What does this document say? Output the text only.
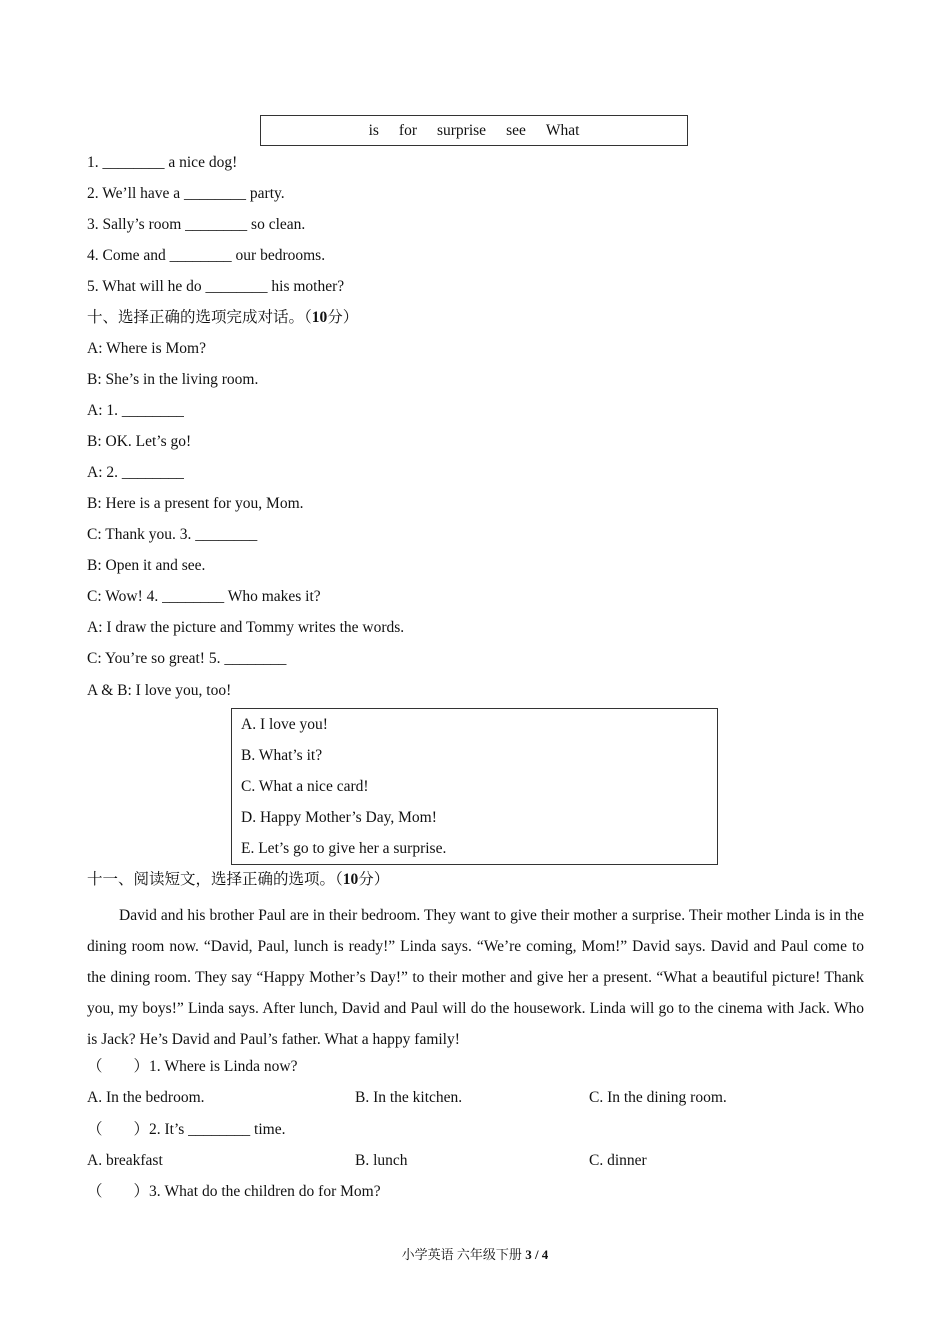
is for surprise see What
1. ________ a nice dog!
2. We’ll have a ________ party.
3. Sally’s room ________ so clean.
4. Come and ________ our bedrooms.
5. What will he do ________ his mother?
十、选择正确的选项完成对话。（10分）
A: Where is Mom?
B: She’s in the living room.
A: 1. ________
B: OK. Let’s go!
A: 2. ________
B: Here is a present for you, Mom.
C: Thank you. 3. ________
B: Open it and see.
C: Wow! 4. ________ Who makes it?
A: I draw the picture and Tommy writes the words.
C: You’re so great! 5. ________
A & B: I love you, too!
A. I love you!
B. What’s it?
C. What a nice card!
D. Happy Mother’s Day, Mom!
E. Let’s go to give her a surprise.
十一、阅读短文，选择正确的选项。（10分）
David and his brother Paul are in their bedroom. They want to give their mother a surprise. Their mother Linda is in the dining room now. “David, Paul, lunch is ready!” Linda says. “We’re coming, Mom!” David says. David and Paul come to the dining room. They say “Happy Mother’s Day!” to their mother and give her a present. “What a beautiful picture! Thank you, my boys!” Linda says. After lunch, David and Paul will do the housework. Linda will go to the cinema with Jack. Who is Jack? He’s David and Paul’s father. What a happy family!
（　　）1. Where is Linda now?
A. In the bedroom.	B. In the kitchen.	C. In the dining room.
（　　）2. It’s ________ time.
A. breakfast	B. lunch	C. dinner
（　　）3. What do the children do for Mom?
小学英语 六年级下册 3 / 4
